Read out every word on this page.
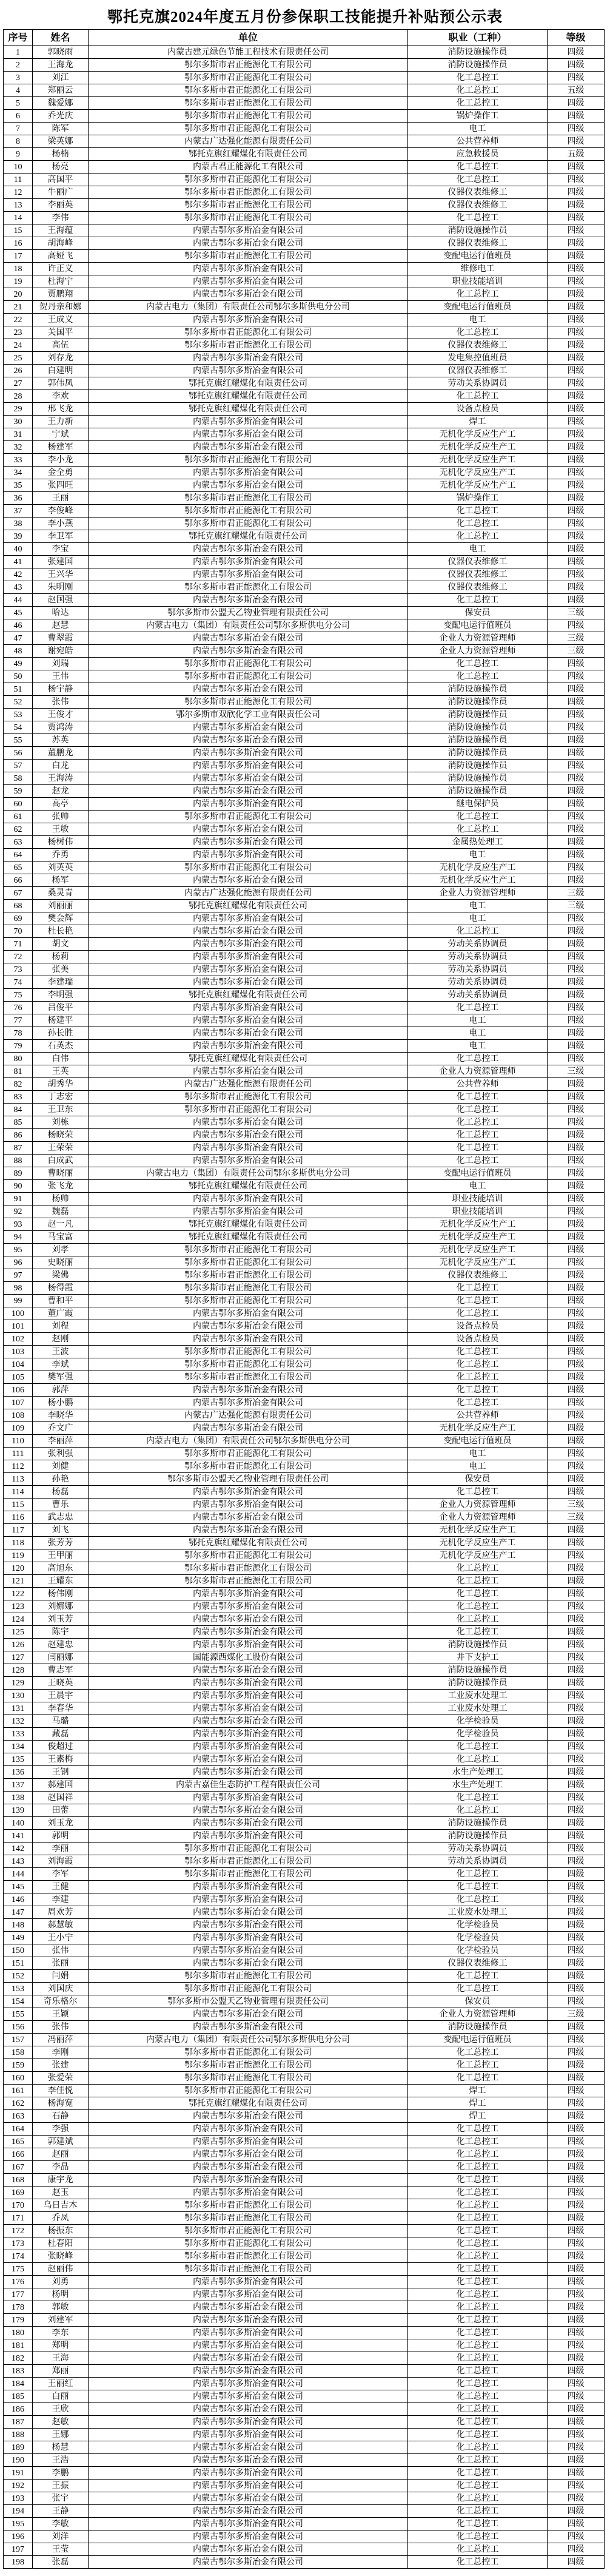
鄂托克旗2024年度五月份参保职工技能提升补贴预公示表
序号	姓名	单位	职业（工种）	等级
1	郭晓雨	内蒙古建元绿色节能工程技术有限责任公司	消防设施操作员	四级
2	王海龙	鄂尔多斯市君正能源化工有限公司	消防设施操作员	四级
3	刘江	鄂尔多斯市君正能源化工有限公司	化工总控工	四级
4	郑丽云	鄂尔多斯市君正能源化工有限公司	化工总控工	五级
5	魏爱娜	鄂尔多斯市君正能源化工有限公司	化工总控工	四级
6	乔光庆	鄂尔多斯市君正能源化工有限公司	锅炉操作工	四级
7	陈军	鄂尔多斯市君正能源化工有限公司	电工	四级
8	梁英娜	内蒙古广达强化能源有限责任公司	公共营养师	四级
9	杨楠	鄂托克旗红耀煤化有限责任公司	应急救援员	五级
10	杨亮	内蒙古君正能源化工有限公司	化工总控工	四级
11	高国平	鄂尔多斯市君正能源化工有限公司	化工总控工	四级
12	牛丽广	鄂尔多斯市君正能源化工有限公司	仪器仪表维修工	四级
13	李丽英	鄂尔多斯市君正能源化工有限公司	仪器仪表维修工	四级
14	李伟	鄂尔多斯市君正能源化工有限公司	化工总控工	四级
15	王海蕴	内蒙古鄂尔多斯冶金有限公司	消防设施操作员	四级
16	胡海峰	内蒙古鄂尔多斯冶金有限公司	仪器仪表维修工	四级
17	高娅飞	鄂尔多斯市君正能源化工有限公司	变配电运行值班员	四级
18	许正义	内蒙古鄂尔多斯冶金有限公司	维修电工	四级
19	杜海宁	内蒙古鄂尔多斯冶金有限公司	职业技能培训	四级
20	贾鹏翔	内蒙古鄂尔多斯冶金有限公司	化工总控工	四级
21	贺丹亲和娜	内蒙古电力（集团）有限责任公司鄂尔多斯供电分公司	变配电运行值班员	四级
22	王成义	内蒙古鄂尔多斯冶金有限公司	电工	四级
23	关国平	鄂尔多斯市君正能源化工有限公司	化工总控工	四级
24	高伍	鄂尔多斯市君正能源化工有限公司	仪器仪表维修工	四级
25	刘存龙	内蒙古鄂尔多斯冶金有限公司	发电集控值班员	四级
26	白建明	内蒙古鄂尔多斯冶金有限公司	仪器仪表维修工	四级
27	郭伟凤	鄂托克旗红耀煤化有限责任公司	劳动关系协调员	四级
28	李欢	鄂托克旗红耀煤化有限责任公司	化工总控工	四级
29	邢飞龙	鄂托克旗红耀煤化有限责任公司	设备点检员	四级
30	王力新	内蒙古鄂尔多斯冶金有限公司	焊工	四级
31	宁斌	内蒙古鄂尔多斯冶金有限公司	无机化学反应生产工	四级
32	杨建军	内蒙古鄂尔多斯冶金有限公司	无机化学反应生产工	四级
33	李小龙	鄂尔多斯市君正能源化工有限公司	无机化学反应生产工	四级
34	金全勇	内蒙古鄂尔多斯冶金有限公司	无机化学反应生产工	四级
35	张四旺	内蒙古鄂尔多斯冶金有限公司	无机化学反应生产工	四级
36	王丽	鄂尔多斯市君正能源化工有限公司	锅炉操作工	四级
37	李俊峰	鄂尔多斯市君正能源化工有限公司	化工总控工	四级
38	李小燕	鄂尔多斯市君正能源化工有限公司	化工总控工	四级
39	李卫军	鄂托克旗红耀煤化有限责任公司	化工总控工	四级
40	李宝	内蒙古鄂尔多斯冶金有限公司	电工	四级
41	张建国	内蒙古鄂尔多斯冶金有限公司	仪器仪表维修工	四级
42	王兴华	内蒙古鄂尔多斯冶金有限公司	仪器仪表维修工	四级
43	朱明刚	鄂尔多斯市君正能源化工有限公司	仪器仪表维修工	四级
44	赵国强	内蒙古鄂尔多斯冶金有限公司	化工总控工	四级
45	哈达	鄂尔多斯市公盟天乙物业管理有限责任公司	保安员	三级
46	赵慧	内蒙古电力（集团）有限责任公司鄂尔多斯供电分公司	变配电运行值班员	四级
47	曹翠霞	内蒙古鄂尔多斯冶金有限公司	企业人力资源管理师	三级
48	谢宛皓	内蒙古鄂尔多斯冶金有限公司	企业人力资源管理师	三级
49	刘瑞	鄂尔多斯市君正能源化工有限公司	化工总控工	四级
50	王伟	鄂尔多斯市君正能源化工有限公司	化工总控工	四级
51	杨宇静	内蒙古鄂尔多斯冶金有限公司	消防设施操作员	四级
52	张伟	鄂尔多斯市君正能源化工有限公司	消防设施操作员	四级
53	王俊才	鄂尔多斯市双欣化学工业有限责任公司	消防设施操作员	四级
54	贾鸿涛	内蒙古鄂尔多斯冶金有限公司	消防设施操作员	四级
55	苏英	内蒙古鄂尔多斯冶金有限公司	消防设施操作员	四级
56	董鹏龙	内蒙古鄂尔多斯冶金有限公司	消防设施操作员	四级
57	白龙	内蒙古鄂尔多斯冶金有限公司	消防设施操作员	四级
58	王海涛	内蒙古鄂尔多斯冶金有限公司	消防设施操作员	四级
59	赵龙	内蒙古鄂尔多斯冶金有限公司	消防设施操作员	四级
60	高亭	内蒙古鄂尔多斯冶金有限公司	继电保护员	四级
61	张帅	鄂尔多斯市君正能源化工有限公司	化工总控工	四级
62	王敏	内蒙古鄂尔多斯冶金有限公司	化工总控工	四级
63	杨树伟	内蒙古鄂尔多斯冶金有限公司	金属热处理工	四级
64	乔勇	内蒙古鄂尔多斯冶金有限公司	电工	四级
65	刘英英	鄂尔多斯市君正能源化工有限公司	无机化学反应生产工	四级
66	杨军	内蒙古鄂尔多斯冶金有限公司	无机化学反应生产工	四级
67	桑灵青	内蒙古广达强化能源有限责任公司	企业人力资源管理师	三级
68	刘丽丽	鄂托克旗红耀煤化有限责任公司	电工	三级
69	樊会辉	内蒙古鄂尔多斯冶金有限公司	电工	四级
70	杜长艳	内蒙古鄂尔多斯冶金有限公司	化工总控工	四级
71	胡文	内蒙古鄂尔多斯冶金有限公司	劳动关系协调员	四级
72	杨莉	内蒙古鄂尔多斯冶金有限公司	劳动关系协调员	四级
73	张美	内蒙古鄂尔多斯冶金有限公司	劳动关系协调员	四级
74	李建瑞	内蒙古鄂尔多斯冶金有限公司	劳动关系协调员	四级
75	李明强	鄂托克旗红耀煤化有限责任公司	劳动关系协调员	四级
76	吕俊平	内蒙古鄂尔多斯冶金有限公司	化工总控工	四级
77	杨建平	内蒙古鄂尔多斯冶金有限公司	电工	四级
78	孙长胜	内蒙古鄂尔多斯冶金有限公司	电工	四级
79	石英杰	内蒙古鄂尔多斯冶金有限公司	电工	四级
80	白伟	鄂托克旗红耀煤化有限责任公司	化工总控工	四级
81	王英	内蒙古鄂尔多斯冶金有限公司	企业人力资源管理师	三级
82	胡秀华	内蒙古广达强化能源有限责任公司	公共营养师	四级
83	丁志宏	鄂尔多斯市君正能源化工有限公司	化工总控工	四级
84	王卫东	鄂尔多斯市君正能源化工有限公司	化工总控工	四级
85	刘栋	内蒙古鄂尔多斯冶金有限公司	化工总控工	四级
86	杨晓荣	内蒙古鄂尔多斯冶金有限公司	化工总控工	四级
87	王荣荣	内蒙古鄂尔多斯冶金有限公司	化工总控工	四级
88	白成武	内蒙古鄂尔多斯冶金有限公司	化工总控工	四级
89	曹晓丽	内蒙古电力（集团）有限责任公司鄂尔多斯供电分公司	变配电运行值班员	四级
90	张飞龙	鄂托克旗红耀煤化有限责任公司	电工	四级
91	杨帅	内蒙古鄂尔多斯冶金有限公司	职业技能培训	四级
92	魏磊	内蒙古鄂尔多斯冶金有限公司	职业技能培训	四级
93	赵一凡	鄂托克旗红耀煤化有限责任公司	无机化学反应生产工	四级
94	马宝富	鄂托克旗红耀煤化有限责任公司	无机化学反应生产工	四级
95	刘孝	鄂尔多斯市君正能源化工有限公司	无机化学反应生产工	四级
96	史晓丽	鄂尔多斯市君正能源化工有限公司	无机化学反应生产工	四级
97	梁佛	鄂尔多斯市君正能源化工有限公司	仪器仪表维修工	四级
98	杨得霞	鄂尔多斯市君正能源化工有限公司	化工总控工	四级
99	曹和平	鄂尔多斯市君正能源化工有限公司	化工总控工	四级
100	董广霞	内蒙古鄂尔多斯冶金有限公司	化工总控工	四级
101	刘程	内蒙古鄂尔多斯冶金有限公司	设备点检员	四级
102	赵刚	内蒙古鄂尔多斯冶金有限公司	设备点检员	四级
103	王波	鄂尔多斯市君正能源化工有限公司	化工总控工	四级
104	李斌	鄂尔多斯市君正能源化工有限公司	化工总控工	四级
105	樊军强	鄂尔多斯市君正能源化工有限公司	化工总控工	四级
106	郭萍	内蒙古鄂尔多斯冶金有限公司	化工总控工	四级
107	杨小鹏	内蒙古鄂尔多斯冶金有限公司	化工总控工	四级
108	李晓华	内蒙古广达强化能源有限责任公司	公共营养师	四级
109	乔文广	内蒙古鄂尔多斯冶金有限公司	无机化学反应生产工	四级
110	李丽萍	内蒙古电力（集团）有限责任公司鄂尔多斯供电分公司	变配电运行值班员	四级
111	张利强	鄂尔多斯市君正能源化工有限公司	电工	四级
112	刘健	鄂尔多斯市君正能源化工有限公司	电工	四级
113	孙艳	鄂尔多斯市公盟天乙物业管理有限责任公司	保安员	四级
114	杨磊	内蒙古鄂尔多斯冶金有限公司	化工总控工	四级
115	曹乐	内蒙古鄂尔多斯冶金有限公司	企业人力资源管理师	三级
116	武志忠	内蒙古鄂尔多斯冶金有限公司	企业人力资源管理师	三级
117	刘飞	内蒙古鄂尔多斯冶金有限公司	无机化学反应生产工	四级
118	张芳芳	鄂托克旗红耀煤化有限责任公司	无机化学反应生产工	四级
119	王甲丽	鄂尔多斯市君正能源化工有限公司	无机化学反应生产工	四级
120	高旭东	鄂尔多斯市君正能源化工有限公司	化工总控工	四级
121	王耀东	鄂尔多斯市君正能源化工有限公司	化工总控工	四级
122	杨伟刚	内蒙古鄂尔多斯冶金有限公司	化工总控工	四级
123	刘娜娜	内蒙古鄂尔多斯冶金有限公司	化工总控工	四级
124	刘玉芳	内蒙古鄂尔多斯冶金有限公司	化工总控工	四级
125	陈宇	内蒙古鄂尔多斯冶金有限公司	化工总控工	四级
126	赵建忠	内蒙古鄂尔多斯冶金有限公司	消防设施操作员	四级
127	闫丽娜	国能源西煤化工股份有限公司	井下支护工	四级
128	曹志军	内蒙古鄂尔多斯冶金有限公司	消防设施操作员	四级
129	王晓英	内蒙古鄂尔多斯冶金有限公司	消防设施操作员	四级
130	王晨宇	内蒙古鄂尔多斯冶金有限公司	工业废水处理工	四级
131	李春华	内蒙古鄂尔多斯冶金有限公司	工业废水处理工	四级
132	马璐	内蒙古鄂尔多斯冶金有限公司	化学检验员	四级
133	藏磊	内蒙古鄂尔多斯冶金有限公司	化学检验员	四级
134	俊超过	内蒙古鄂尔多斯冶金有限公司	化工总控工	四级
135	王素梅	内蒙古鄂尔多斯冶金有限公司	化工总控工	四级
136	王钢	内蒙古鄂尔多斯冶金有限公司	水生产处理工	四级
137	郝建国	内蒙古嘉佳生态防护工程有限责任公司	水生产处理工	四级
138	赵国祥	内蒙古鄂尔多斯冶金有限公司	化工总控工	四级
139	田蕾	内蒙古鄂尔多斯冶金有限公司	化工总控工	四级
140	刘玉龙	内蒙古鄂尔多斯冶金有限公司	消防设施操作员	四级
141	郭明	内蒙古鄂尔多斯冶金有限公司	消防设施操作员	四级
142	李丽	鄂尔多斯市君正能源化工有限公司	劳动关系协调员	四级
143	刘海霞	鄂尔多斯市君正能源化工有限公司	劳动关系协调员	四级
144	李军	鄂尔多斯市君正能源化工有限公司	化工总控工	四级
145	王健	内蒙古鄂尔多斯冶金有限公司	化工总控工	四级
146	李建	内蒙古鄂尔多斯冶金有限公司	化工总控工	四级
147	周欢芳	内蒙古鄂尔多斯冶金有限公司	工业废水处理工	四级
148	郝慧敏	内蒙古鄂尔多斯冶金有限公司	化学检验员	四级
149	王小宁	内蒙古鄂尔多斯冶金有限公司	化学检验员	四级
150	张伟	内蒙古鄂尔多斯冶金有限公司	化学检验员	四级
151	张丽	内蒙古鄂尔多斯冶金有限公司	仪器仪表维修工	四级
152	闫娟	鄂尔多斯市君正能源化工有限公司	化工总控工	四级
153	刘国庆	鄂尔多斯市君正能源化工有限公司	化工总控工	四级
154	奇乐格尔	鄂尔多斯市公盟天乙物业管理有限责任公司	保安员	四级
155	王颖	内蒙古鄂尔多斯冶金有限公司	企业人力资源管理师	三级
156	张伟	内蒙古鄂尔多斯冶金有限公司	消防设施操作员	四级
157	冯丽萍	内蒙古电力（集团）有限责任公司鄂尔多斯供电分公司	变配电运行值班员	四级
158	李刚	鄂尔多斯市君正能源化工有限公司	化工总控工	四级
159	张建	鄂尔多斯市君正能源化工有限公司	化工总控工	四级
160	张爱荣	鄂尔多斯市君正能源化工有限公司	化工总控工	四级
161	李佳悦	鄂尔多斯市君正能源化工有限公司	焊工	四级
162	杨海宽	鄂托克旗红耀煤化有限责任公司	焊工	四级
163	石静	内蒙古鄂尔多斯冶金有限公司	焊工	四级
164	李强	内蒙古鄂尔多斯冶金有限公司	化工总控工	四级
165	郭建斌	内蒙古鄂尔多斯冶金有限公司	化工总控工	四级
166	赵丽	内蒙古鄂尔多斯冶金有限公司	化工总控工	四级
167	李晶	内蒙古鄂尔多斯冶金有限公司	化工总控工	四级
168	康宇龙	内蒙古鄂尔多斯冶金有限公司	化工总控工	四级
169	赵玉	内蒙古鄂尔多斯冶金有限公司	化工总控工	四级
170	乌日吉木	鄂尔多斯市君正能源化工有限公司	化工总控工	四级
171	乔凤	鄂尔多斯市君正能源化工有限公司	化工总控工	四级
172	杨振东	鄂尔多斯市君正能源化工有限公司	化工总控工	四级
173	杜春阳	鄂尔多斯市君正能源化工有限公司	化工总控工	四级
174	张晓峰	鄂尔多斯市君正能源化工有限公司	化工总控工	四级
175	赵丽伟	鄂尔多斯市君正能源化工有限公司	化工总控工	四级
176	刘勇	内蒙古鄂尔多斯冶金有限公司	化工总控工	四级
177	杨明	内蒙古鄂尔多斯冶金有限公司	化工总控工	四级
178	郭敏	内蒙古鄂尔多斯冶金有限公司	化工总控工	四级
179	刘建军	内蒙古鄂尔多斯冶金有限公司	化工总控工	四级
180	李东	内蒙古鄂尔多斯冶金有限公司	化工总控工	四级
181	郑明	内蒙古鄂尔多斯冶金有限公司	化工总控工	四级
182	王海	内蒙古鄂尔多斯冶金有限公司	化工总控工	四级
183	郑丽	内蒙古鄂尔多斯冶金有限公司	化工总控工	四级
184	王丽红	内蒙古鄂尔多斯冶金有限公司	化工总控工	四级
185	白丽	内蒙古鄂尔多斯冶金有限公司	化工总控工	四级
186	王欣	内蒙古鄂尔多斯冶金有限公司	化工总控工	四级
187	赵敏	内蒙古鄂尔多斯冶金有限公司	化工总控工	四级
188	王娜	内蒙古鄂尔多斯冶金有限公司	化工总控工	四级
189	杨慧	内蒙古鄂尔多斯冶金有限公司	化工总控工	四级
190	王浩	内蒙古鄂尔多斯冶金有限公司	化工总控工	四级
191	李鹏	内蒙古鄂尔多斯冶金有限公司	化工总控工	四级
192	王振	内蒙古鄂尔多斯冶金有限公司	化工总控工	四级
193	张宇	内蒙古鄂尔多斯冶金有限公司	化工总控工	四级
194	王静	内蒙古鄂尔多斯冶金有限公司	化工总控工	四级
195	李敏	内蒙古鄂尔多斯冶金有限公司	化工总控工	四级
196	刘洋	内蒙古鄂尔多斯冶金有限公司	化工总控工	四级
197	王莹	内蒙古鄂尔多斯冶金有限公司	化工总控工	四级
198	张磊	内蒙古鄂尔多斯冶金有限公司	化工总控工	四级
